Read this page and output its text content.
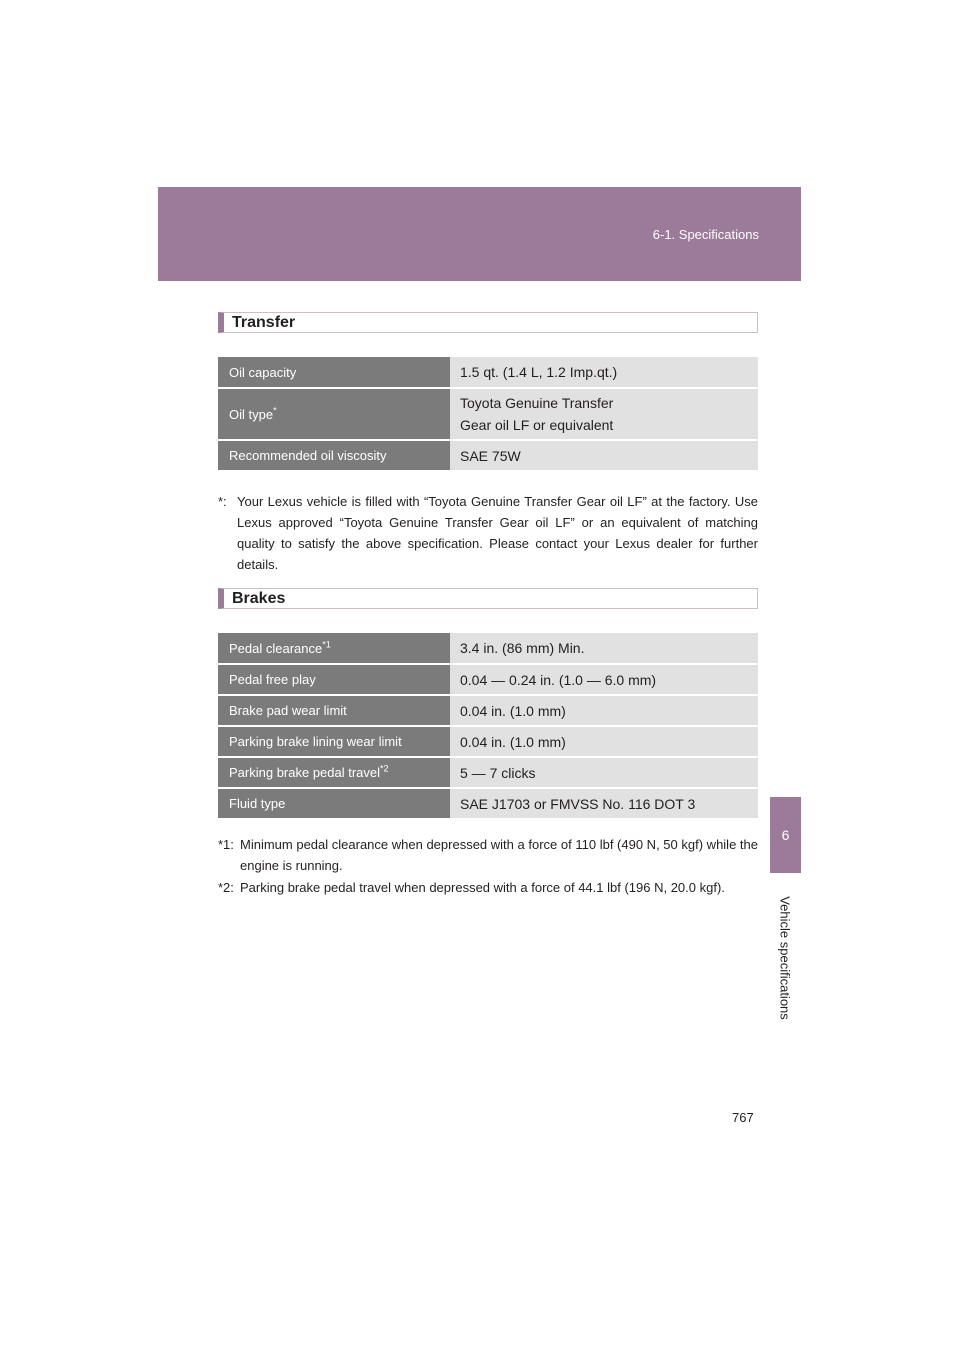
6-1. Specifications
6
Vehicle specifications
Transfer
Oil capacity	1.5 qt. (1.4 L, 1.2 Imp.qt.)

Oil type*	Toyota Genuine Transfer
Gear oil LF or equivalent

Recommended oil viscosity	SAE 75W
*: Your Lexus vehicle is filled with “Toyota Genuine Transfer Gear oil LF” at the factory. Use Lexus approved “Toyota Genuine Transfer Gear oil LF” or an equivalent of matching quality to satisfy the above specification. Please contact your Lexus dealer for further details.
Brakes
Pedal clearance$^{*1}$	3.4 in. (86 mm) Min.

Pedal free play	0.04 — 0.24 in. (1.0 — 6.0 mm)

Brake pad wear limit	0.04 in. (1.0 mm)

Parking brake lining wear limit	0.04 in. (1.0 mm)

Parking brake pedal travel$^{*2}$	5 — 7 clicks

Fluid type	SAE J1703 or FMVSS No. 116 DOT 3
*1: Minimum pedal clearance when depressed with a force of 110 lbf (490 N, 50 kgf) while the engine is running.
*2: Parking brake pedal travel when depressed with a force of 44.1 lbf (196 N, 20.0 kgf).
767
